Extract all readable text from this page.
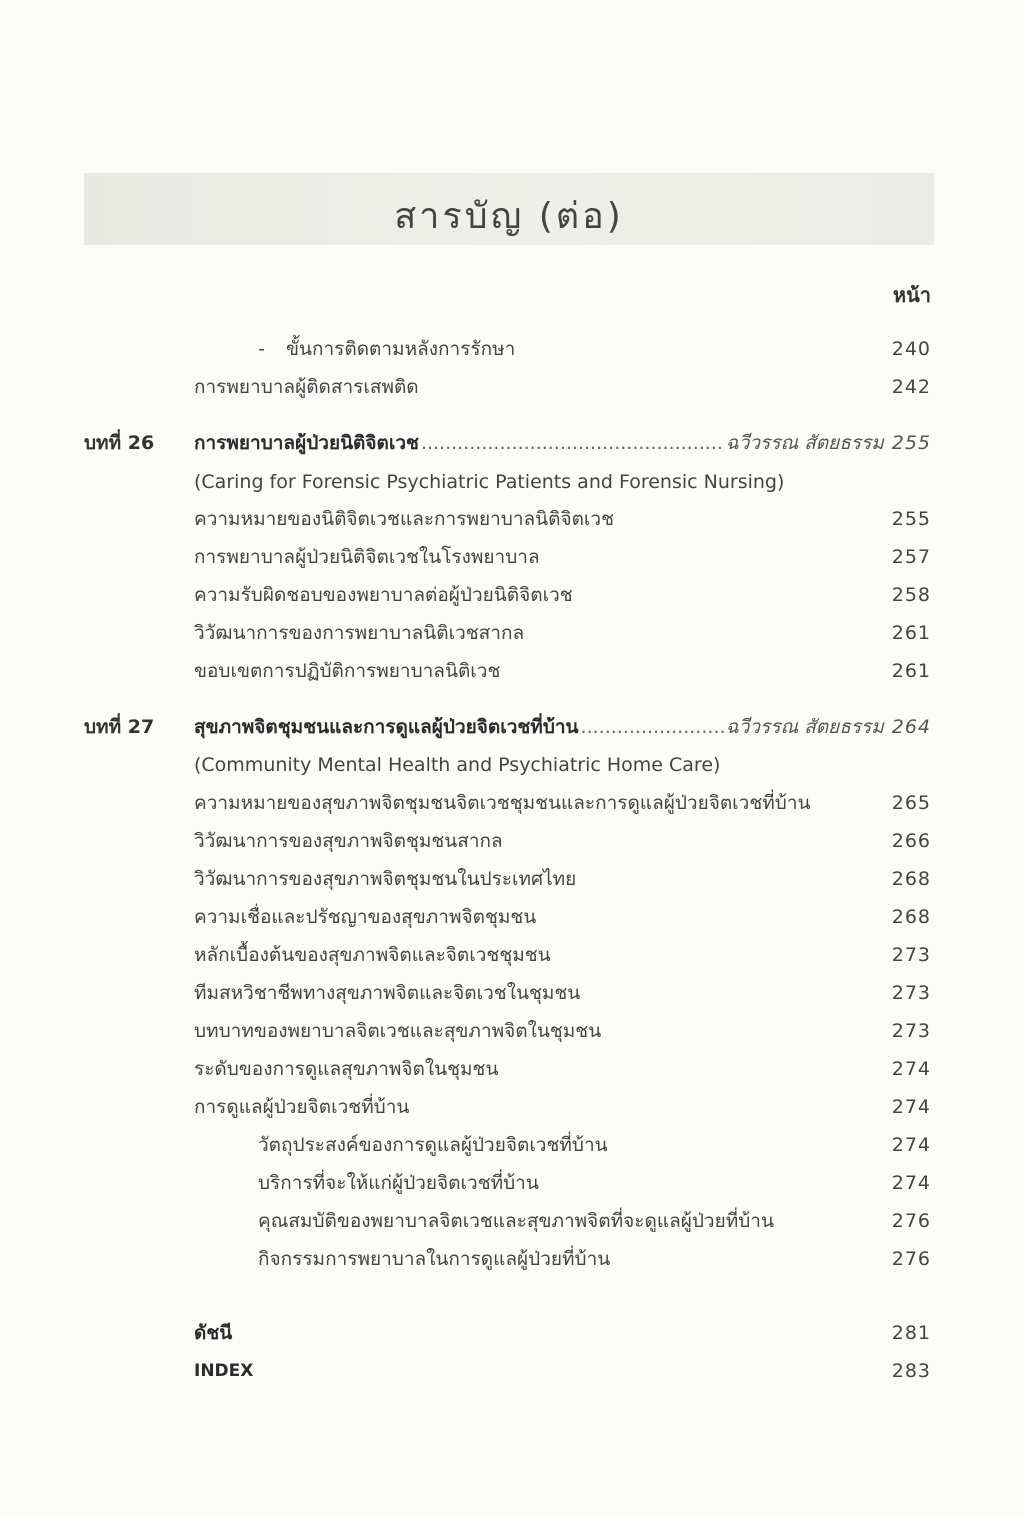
สารบัญ (ต่อ)
หน้า
- ขั้นการติดตามหลังการรักษา	240
การพยาบาลผู้ติดสารเสพติด	242
บทที่ 26 การพยาบาลผู้ป่วยนิติจิตเวช .....	ฉวีวรรณ สัตยธรรม 255
(Caring for Forensic Psychiatric Patients and Forensic Nursing)
ความหมายของนิติจิตเวชและการพยาบาลนิติจิตเวช	255
การพยาบาลผู้ป่วยนิติจิตเวชในโรงพยาบาล	257
ความรับผิดชอบของพยาบาลต่อผู้ป่วยนิติจิตเวช	258
วิวัฒนาการของการพยาบาลนิติเวชสากล	261
ขอบเขตการปฏิบัติการพยาบาลนิติเวช	261
บทที่ 27 สุขภาพจิตชุมชนและการดูแลผู้ป่วยจิตเวชที่บ้าน .....	ฉวีวรรณ สัตยธรรม 264
(Community Mental Health and Psychiatric Home Care)
ความหมายของสุขภาพจิตชุมชนจิตเวชชุมชนและการดูแลผู้ป่วยจิตเวชที่บ้าน	265
วิวัฒนาการของสุขภาพจิตชุมชนสากล	266
วิวัฒนาการของสุขภาพจิตชุมชนในประเทศไทย	268
ความเชื่อและปรัชญาของสุขภาพจิตชุมชน	268
หลักเบื้องต้นของสุขภาพจิตและจิตเวชชุมชน	273
ทีมสหวิชาชีพทางสุขภาพจิตและจิตเวชในชุมชน	273
บทบาทของพยาบาลจิตเวชและสุขภาพจิตในชุมชน	273
ระดับของการดูแลสุขภาพจิตในชุมชน	274
การดูแลผู้ป่วยจิตเวชที่บ้าน	274
วัตถุประสงค์ของการดูแลผู้ป่วยจิตเวชที่บ้าน	274
บริการที่จะให้แก่ผู้ป่วยจิตเวชที่บ้าน	274
คุณสมบัติของพยาบาลจิตเวชและสุขภาพจิตที่จะดูแลผู้ป่วยที่บ้าน	276
กิจกรรมการพยาบาลในการดูแลผู้ป่วยที่บ้าน	276
ดัชนี	281
INDEX	283
